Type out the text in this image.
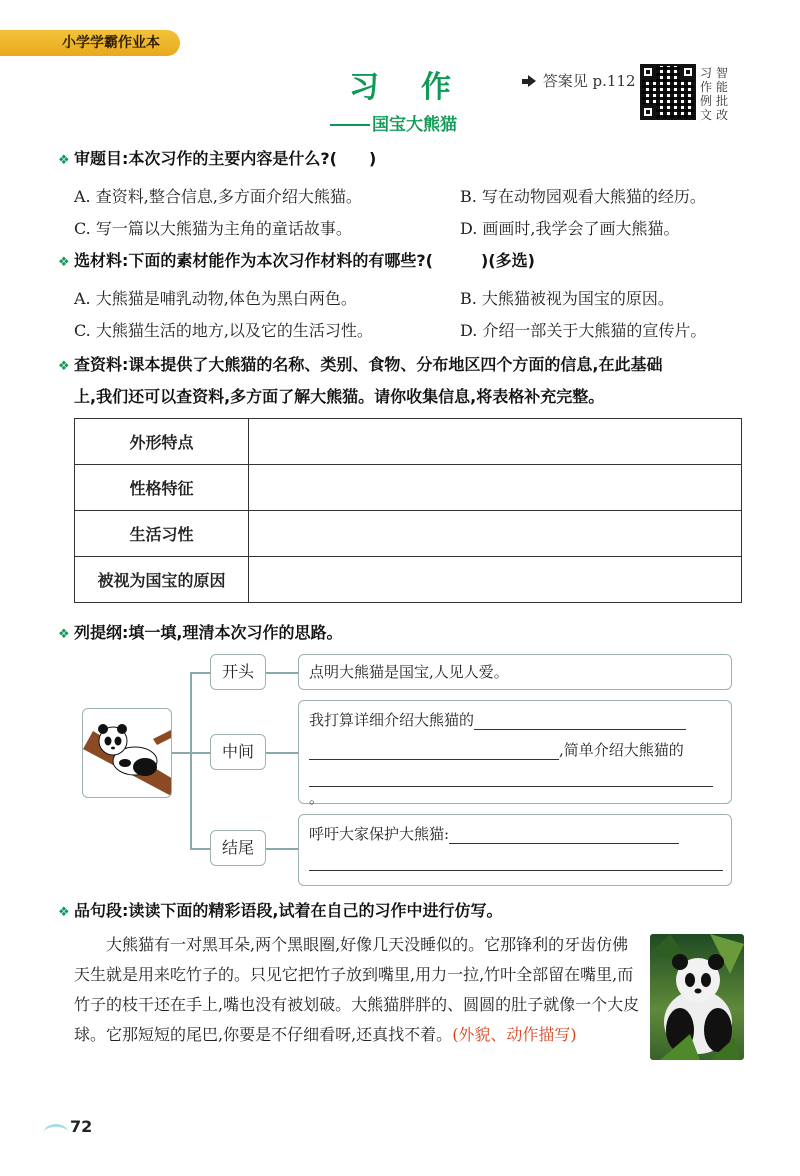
小学学霸作业本
习作
国宝大熊猫
答案见 p.112	习作例文
智能批改
❖ 审题目:本次习作的主要内容是什么?(　　)
A. 查资料,整合信息,多方面介绍大熊猫。	B. 写在动物园观看大熊猫的经历。
C. 写一篇以大熊猫为主角的童话故事。	D. 画画时,我学会了画大熊猫。
❖ 选材料:下面的素材能作为本次习作材料的有哪些?(　　　)(多选)
A. 大熊猫是哺乳动物,体色为黑白两色。	B. 大熊猫被视为国宝的原因。
C. 大熊猫生活的地方,以及它的生活习性。	D. 介绍一部关于大熊猫的宣传片。
❖ 查资料:课本提供了大熊猫的名称、类别、食物、分布地区四个方面的信息,在此基础
上,我们还可以查资料,多方面了解大熊猫。请你收集信息,将表格补充完整。
外形特点	
性格特征	
生活习性	
被视为国宝的原因	
❖ 列提纲:填一填,理清本次习作的思路。
开头
中间
结尾
点明大熊猫是国宝,人见人爱。
我打算详细介绍大熊猫的
,简单介绍大熊猫的
。
呼吁大家保护大熊猫:
❖ 品句段:读读下面的精彩语段,试着在自己的习作中进行仿写。
大熊猫有一对黑耳朵,两个黑眼圈,好像几天没睡似的。它那锋利的牙齿仿佛天生就是用来吃竹子的。只见它把竹子放到嘴里,用力一拉,竹叶全部留在嘴里,而竹子的枝干还在手上,嘴也没有被划破。大熊猫胖胖的、圆圆的肚子就像一个大皮球。它那短短的尾巴,你要是不仔细看呀,还真找不着。(外貌、动作描写)
72
